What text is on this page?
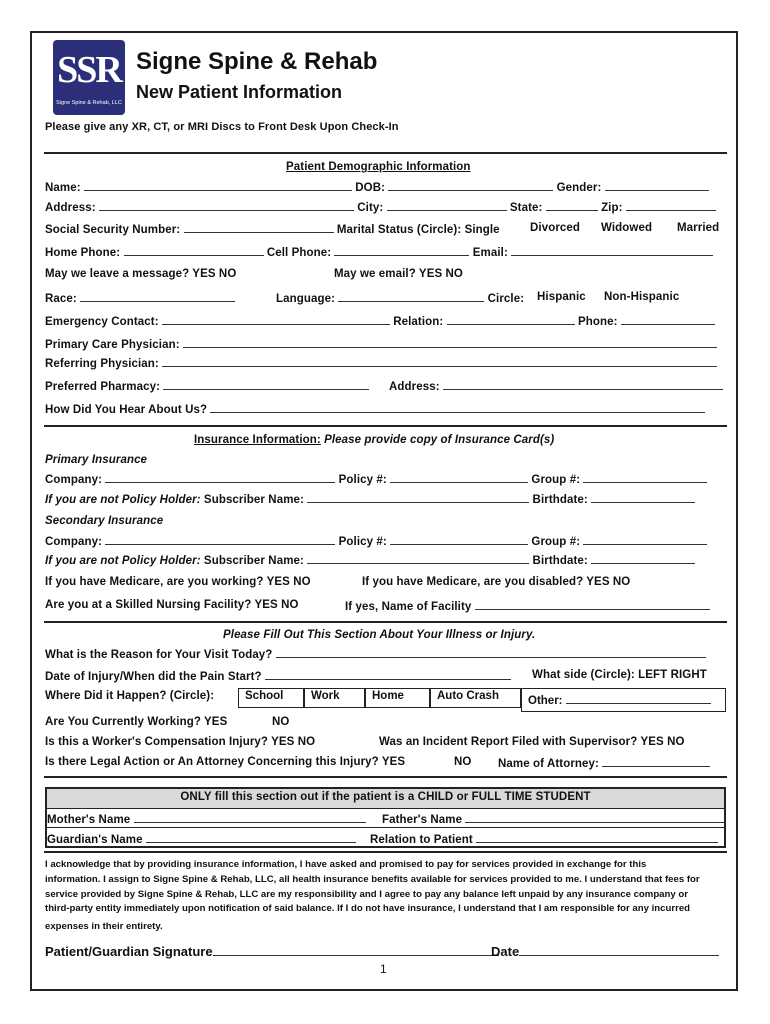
SSR
Signe Spine & Rehab, LLC
Signe Spine & Rehab
New Patient Information
Please give any XR, CT, or MRI Discs to Front Desk Upon Check-In
Patient Demographic Information
Name:	DOB:	Gender:
Address:	City:	State:	Zip:
Social Security Number:	Marital Status (Circle): Single	Divorced Widowed Married
Home Phone:	Cell Phone:	Email:
May we leave a message? YES NO	May we email? YES NO
Race:	Language:	Circle: Hispanic Non-Hispanic
Emergency Contact:	Relation:	Phone:
Primary Care Physician:
Referring Physician:
Preferred Pharmacy:	Address:
How Did You Hear About Us?
Insurance Information: Please provide copy of Insurance Card(s)
Primary Insurance
Company:	Policy #:	Group #:
If you are not Policy Holder: Subscriber Name:	Birthdate:
Secondary Insurance
Company:	Policy #:	Group #:
If you are not Policy Holder: Subscriber Name:	Birthdate:
If you have Medicare, are you working? YES NO	If you have Medicare, are you disabled? YES NO
Are you at a Skilled Nursing Facility? YES NO	If yes, Name of Facility
Please Fill Out This Section About Your Illness or Injury.
What is the Reason for Your Visit Today?
Date of Injury/When did the Pain Start?	What side (Circle): LEFT RIGHT
Where Did it Happen? (Circle):	School	Work	Home	Auto Crash	Other:
Are You Currently Working? YES	NO
Is this a Worker's Compensation Injury? YES NO	Was an Incident Report Filed with Supervisor? YES NO
Is there Legal Action or An Attorney Concerning this Injury? YES	NO Name of Attorney:
ONLY fill this section out if the patient is a CHILD or FULL TIME STUDENT
Mother's Name	Father's Name
Guardian's Name	Relation to Patient
I acknowledge that by providing insurance information, I have asked and promised to pay for services provided in exchange for this
information. I assign to Signe Spine & Rehab, LLC, all health insurance benefits available for services provided to me. I understand that fees for
service provided by Signe Spine & Rehab, LLC are my responsibility and I agree to pay any balance left unpaid by any insurance company or
third-party entity immediately upon notification of said balance. If I do not have insurance, I understand that I am responsible for any incurred
expenses in their entirety.
Patient/Guardian Signature	Date
1
